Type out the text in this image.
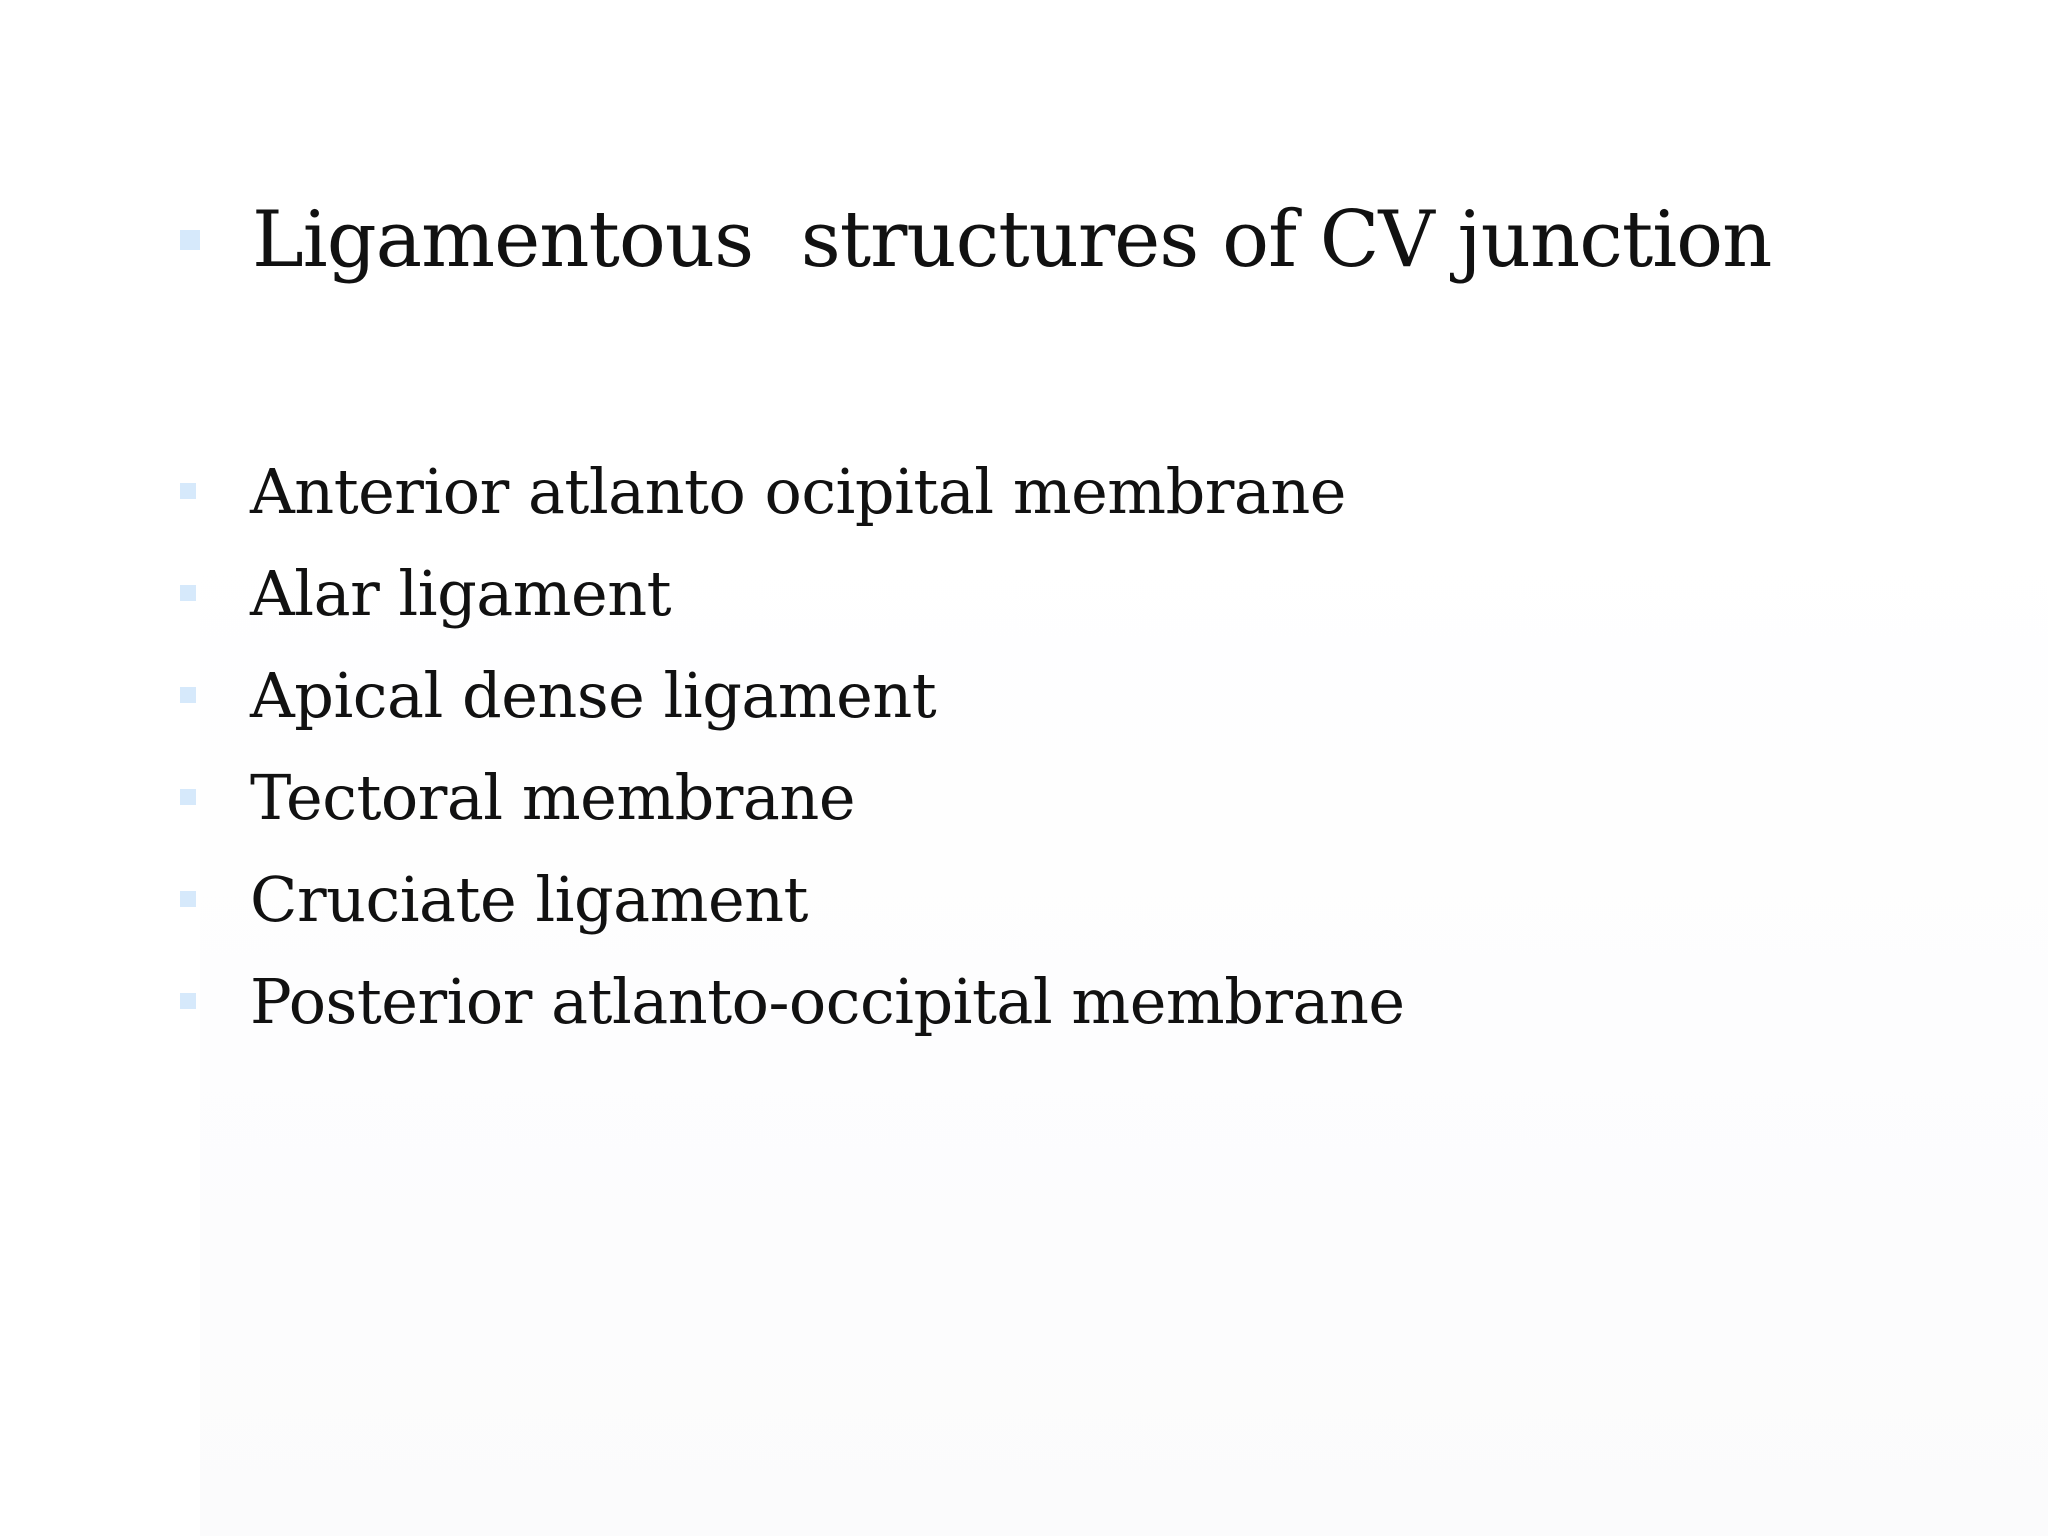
Ligamentous  structures of CV junction
Anterior atlanto ocipital membrane
Alar ligament
Apical dense ligament
Tectoral membrane
Cruciate ligament
Posterior atlanto-occipital membrane
